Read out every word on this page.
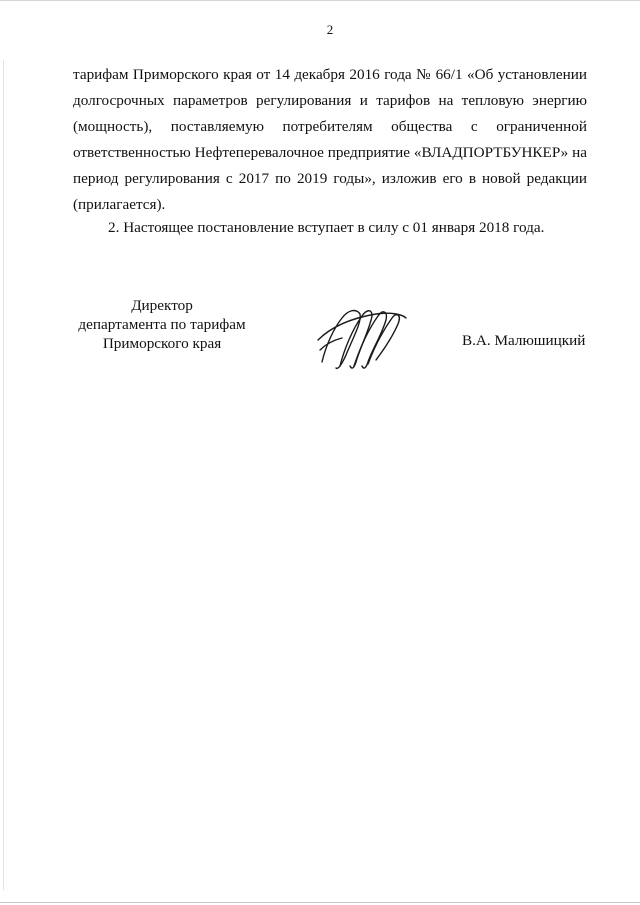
2
тарифам Приморского края от 14 декабря 2016 года № 66/1 «Об установлении
долгосрочных параметров регулирования и тарифов на тепловую энергию
(мощность), поставляемую потребителям общества с ограниченной
ответственностью Нефтеперевалочное предприятие «ВЛАДПОРТБУНКЕР» на
период регулирования с 2017 по 2019 годы», изложив его в новой редакции
(прилагается).
2. Настоящее постановление вступает в силу с 01 января 2018 года.
Директор
департамента по тарифам
Приморского края	В.А. Малюшицкий
